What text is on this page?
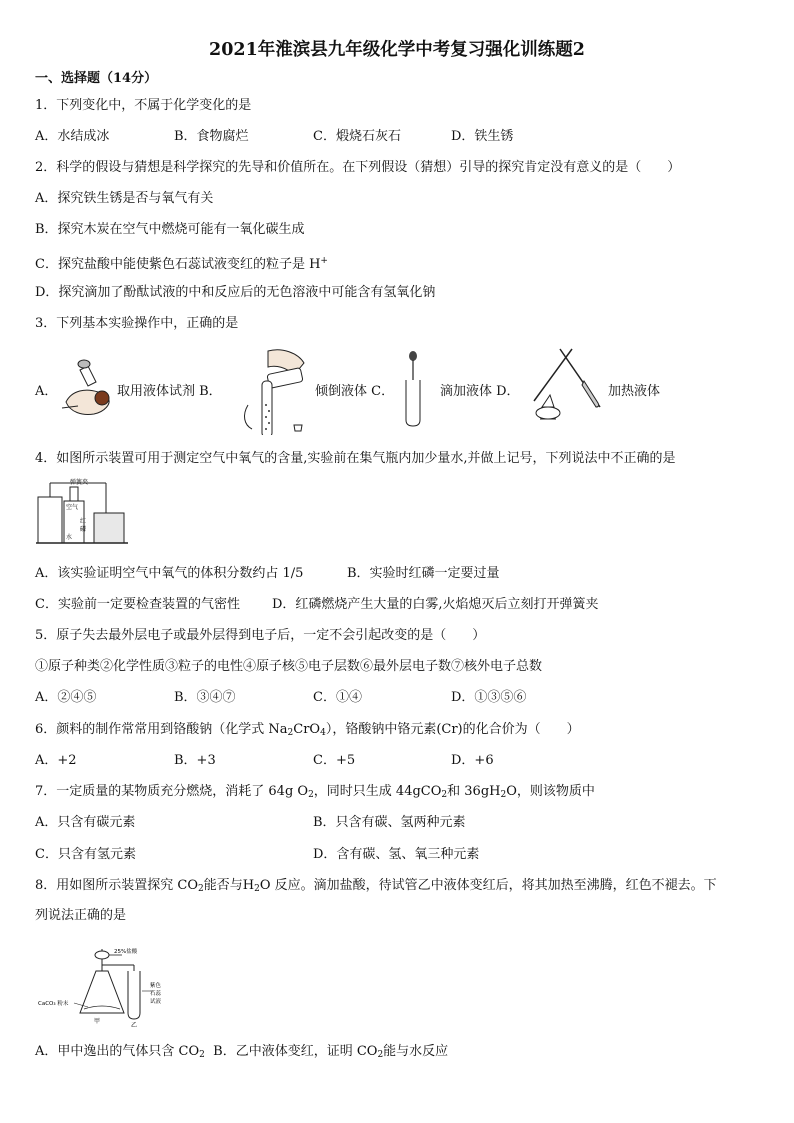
2021年淮滨县九年级化学中考复习强化训练题2
一、选择题（14分）
1．下列变化中，不属于化学变化的是
A．水结成冰	B．食物腐烂	C．煅烧石灰石	D．铁生锈
2．科学的假设与猜想是科学探究的先导和价值所在。在下列假设（猜想）引导的探究肯定没有意义的是（　　）
A．探究铁生锈是否与氧气有关
B．探究木炭在空气中燃烧可能有一氧化碳生成
C．探究盐酸中能使紫色石蕊试液变红的粒子是 H+
D．探究滴加了酚酞试液的中和反应后的无色溶液中可能含有氢氧化钠
3．下列基本实验操作中，正确的是
A．	取用液体试剂 B．	倾倒液体 C．	滴加液体 D．	加热液体
4．如图所示装置可用于测定空气中氧气的含量,实验前在集气瓶内加少量水,并做上记号，下列说法中不正确的是
弹簧夹
空气
红
磷
水
A．该实验证明空气中氧气的体积分数约占 1/5	B．实验时红磷一定要过量
C．实验前一定要检查装置的气密性 D．红磷燃烧产生大量的白雾,火焰熄灭后立刻打开弹簧夹
5．原子失去最外层电子或最外层得到电子后，一定不会引起改变的是（　　）
①原子种类②化学性质③粒子的电性④原子核⑤电子层数⑥最外层电子数⑦核外电子总数
A．②④⑤	B．③④⑦	C．①④	D．①③⑤⑥
6．颜料的制作常常用到铬酸钠（化学式 $Na_2CrO_4$），铬酸钠中铬元素(Cr)的化合价为（　　）
A．+2	B．+3	C．+5	D．+6
7．一定质量的某物质充分燃烧，消耗了 64g $O_2$，同时只生成 44gCO$_2$和 $36gH_2O$，则该物质中
A．只含有碳元素	B．只含有碳、氢两种元素
C．只含有氢元素	D．含有碳、氢、氧三种元素
8．用如图所示装置探究 $CO_2$能否与$H_2O$ 反应。滴加盐酸，待试管乙中液体变红后，将其加热至沸腾，红色不褪去。下
列说法正确的是
25%盐酸
CaCO₃ 粉末
甲
乙
紫色
石蕊
试液
A．甲中逸出的气体只含 $CO_2$  B．乙中液体变红，证明 $CO_2$能与水反应
